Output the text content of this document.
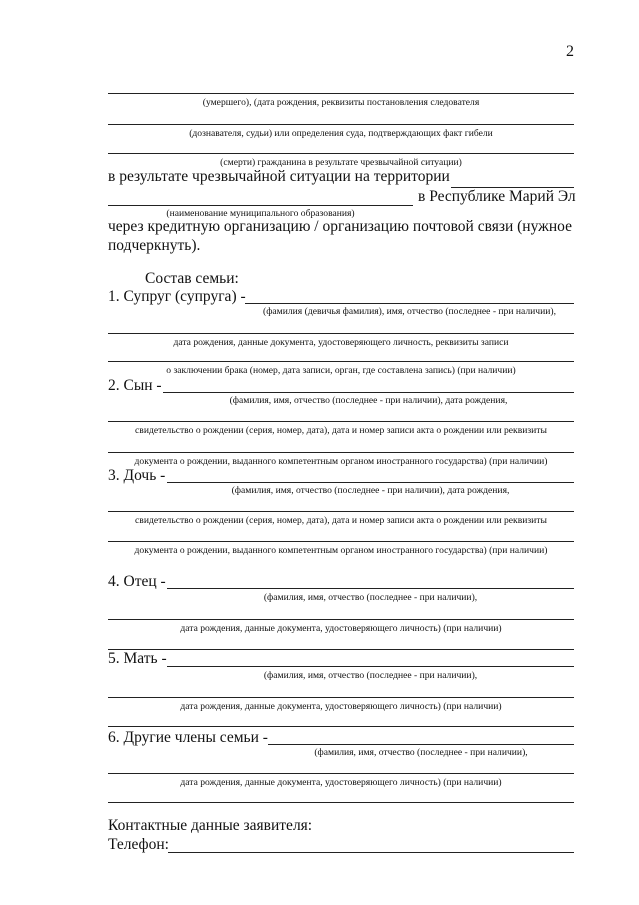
2
(умершего), (дата рождения, реквизиты постановления следователя
(дознавателя, судьи) или определения суда, подтверждающих факт гибели
(смерти) гражданина в результате чрезвычайной ситуации)
в результате чрезвычайной ситуации на территории
в Республике Марий Эл
(наименование муниципального образования)
через кредитную организацию / организацию почтовой связи (нужное
подчеркнуть).
Состав семьи:
1. Супруг (супруга) -
(фамилия (девичья фамилия), имя, отчество (последнее - при наличии),
дата рождения, данные документа, удостоверяющего личность, реквизиты записи
о заключении брака (номер, дата записи, орган, где составлена запись) (при наличии)
2. Сын -
(фамилия, имя, отчество (последнее - при наличии), дата рождения,
свидетельство о рождении (серия, номер, дата), дата и номер записи акта о рождении или реквизиты
документа о рождении, выданного компетентным органом иностранного государства) (при наличии)
3. Дочь -
(фамилия, имя, отчество (последнее - при наличии), дата рождения,
свидетельство о рождении (серия, номер, дата), дата и номер записи акта о рождении или реквизиты
документа о рождении, выданного компетентным органом иностранного государства) (при наличии)
4. Отец -
(фамилия, имя, отчество (последнее - при наличии),
дата рождения, данные документа, удостоверяющего личность) (при наличии)
5. Мать -
(фамилия, имя, отчество (последнее - при наличии),
дата рождения, данные документа, удостоверяющего личность) (при наличии)
6. Другие члены семьи -
(фамилия, имя, отчество (последнее - при наличии),
дата рождения, данные документа, удостоверяющего личность) (при наличии)
Контактные данные заявителя:
Телефон:
